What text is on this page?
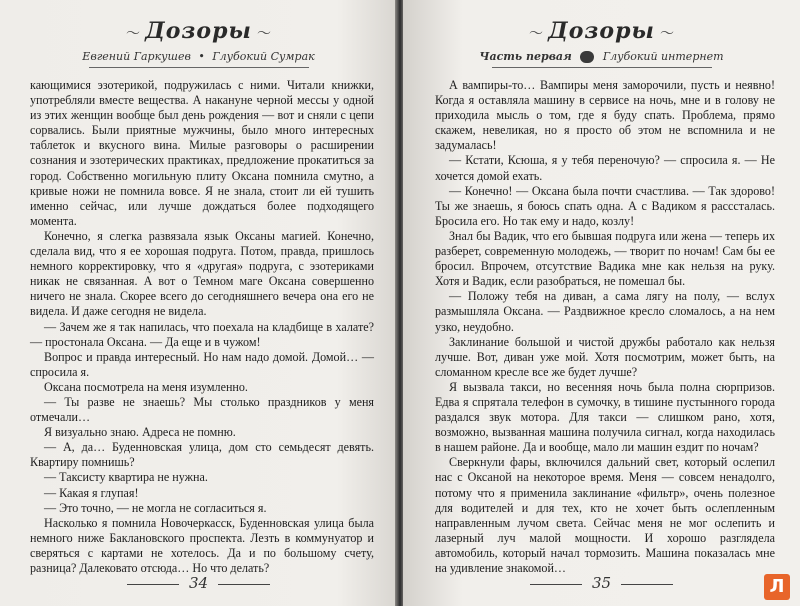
〜 Дозоры 〜
Евгений Гаркушев • Глубокий Сумрак

кающимися эзотерикой, подружилась с ними. Читали книжки, употребляли вместе вещества. А накануне черной мессы у одной из этих женщин вообще был день рождения — вот и сняли с цепи сорвались. Были приятные мужчины, было много интересных таблеток и вкусного вина. Милые разговоры о расширении сознания и эзотерических практиках, предложение прокатиться за город. Собственно могильную плиту Оксана помнила смутно, а кривые ножи не помнила вовсе. Я не знала, стоит ли ей тушить именно сейчас, или лучше дождаться более подходящего момента.

Конечно, я слегка развязала язык Оксаны магией. Конечно, сделала вид, что я ее хорошая подруга. Потом, правда, пришлось немного корректировку, что я «другая» подруга, с эзотериками никак не связанная. А вот о Темном маге Оксана совершенно ничего не знала. Скорее всего до сегодняшнего вечера она его не видела. И даже сегодня не видела.

— Зачем же я так напилась, что поехала на кладбище в халате? — простонала Оксана. — Да еще и в чужом!

Вопрос и правда интересный. Но нам надо домой. Домой… — спросила я.

Оксана посмотрела на меня изумленно.

— Ты разве не знаешь? Мы столько праздников у меня отмечали…

Я визуально знаю. Адреса не помню.

— А, да… Буденновская улица, дом сто семьдесят девять. Квартиру помнишь?

— Таксисту квартира не нужна.

— Какая я глупая!

— Это точно, — не могла не согласиться я.

Насколько я помнила Новочеркасск, Буденновская улица была немного ниже Баклановского проспекта. Лезть в коммунуатор и сверяться с картами не хотелось. Да и по большому счету, разница? Далековато отсюда… Но что делать?

34
〜 Дозоры 〜
Часть первая	Глубокий интернет

А вампиры-то… Вампиры меня заморочили, пусть и неявно! Когда я оставляла машину в сервисе на ночь, мне и в голову не приходила мысль о том, где я буду спать. Проблема, прямо скажем, невеликая, но я просто об этом не вспомнила и не задумалась!

— Кстати, Ксюша, я у тебя переночую? — спросила я. — Не хочется домой ехать.

— Конечно! — Оксана была почти счастлива. — Так здорово! Ты же знаешь, я боюсь спать одна. А с Вадиком я расссталась. Бросила его. Но так ему и надо, козлу!

Знал бы Вадик, что его бывшая подруга или жена — теперь их разберет, современную молодежь, — творит по ночам! Сам бы ее бросил. Впрочем, отсутствие Вадика мне как нельзя на руку. Хотя и Вадик, если разобраться, не помешал бы.

— Положу тебя на диван, а сама лягу на полу, — вслух размышляла Оксана. — Раздвижное кресло сломалось, а на нем узко, неудобно.

Заклинание большой и чистой дружбы работало как нельзя лучше. Вот, диван уже мой. Хотя посмотрим, может быть, на сломанном кресле все же будет лучше?

Я вызвала такси, но весенняя ночь была полна сюрпризов. Едва я спрятала телефон в сумочку, в тишине пустынного города раздался звук мотора. Для такси — слишком рано, хотя, возможно, вызванная машина получила сигнал, когда находилась в нашем районе. Да и вообще, мало ли машин ездит по ночам?

Сверкнули фары, включился дальний свет, который ослепил нас с Оксаной на некоторое время. Меня — совсем ненадолго, потому что я применила заклинание «фильтр», очень полезное для водителей и для тех, кто не хочет быть ослепленным направленным лучом света. Сейчас меня не мог ослепить и лазерный луч малой мощности. И хорошо разглядела автомобиль, который начал тормозить. Машина показалась мне на удивление знакомой…

35	Л
